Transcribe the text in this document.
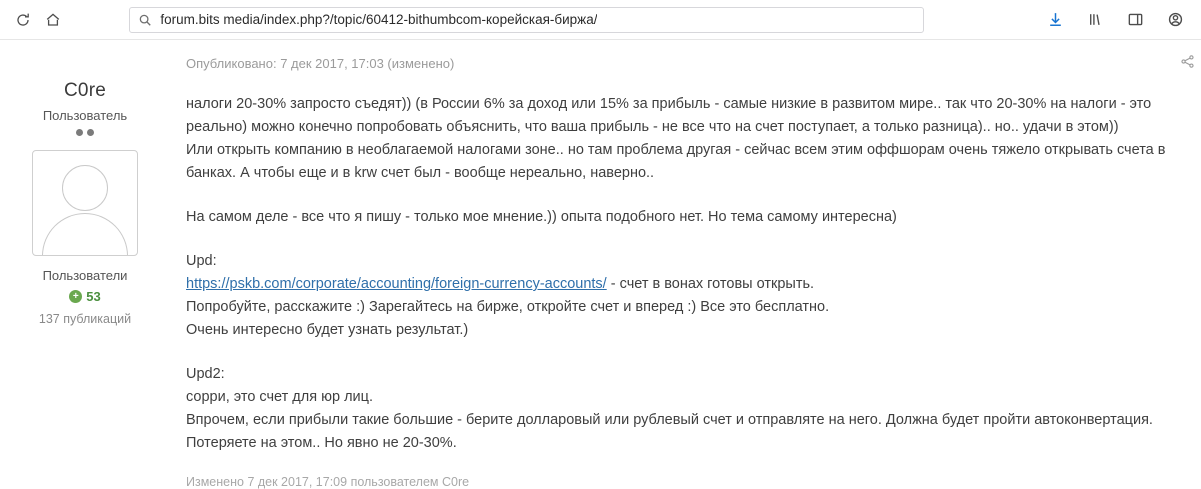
forum.bits media/index.php?/topic/60412-bithumbcom-корейская-биржа/
C0re
Пользователь
Пользователи
+ 53
137 публикаций
Опубликовано: 7 дек 2017, 17:03 (изменено)

налоги 20-30% запросто съедят)) (в России 6% за доход или 15% за прибыль - самые низкие в развитом мире.. так что 20-30% на налоги - это реально) можно конечно попробовать объяснить, что ваша прибыль - не все что на счет поступает, а только разница).. но.. удачи в этом))
Или открыть компанию в необлагаемой налогами зоне.. но там проблема другая - сейчас всем этим оффшорам очень тяжело открывать счета в банках. А чтобы еще и в krw счет был - вообще нереально, наверно..

На самом деле - все что я пишу - только мое мнение.)) опыта подобного нет. Но тема самому интересна)

Upd:
https://pskb.com/corporate/accounting/foreign-currency-accounts/ - счет в вонах готовы открыть.
Попробуйте, расскажите :) Зарегайтесь на бирже, откройте счет и вперед :) Все это бесплатно.
Очень интересно будет узнать результат.)

Upd2:
сорри, это счет для юр лиц.
Впрочем, если прибыли такие большие - берите долларовый или рублевый счет и отправляте на него. Должна будет пройти автоконвертация.
Потеряете на этом.. Но явно не 20-30%.

Изменено 7 дек 2017, 17:09 пользователем C0re
